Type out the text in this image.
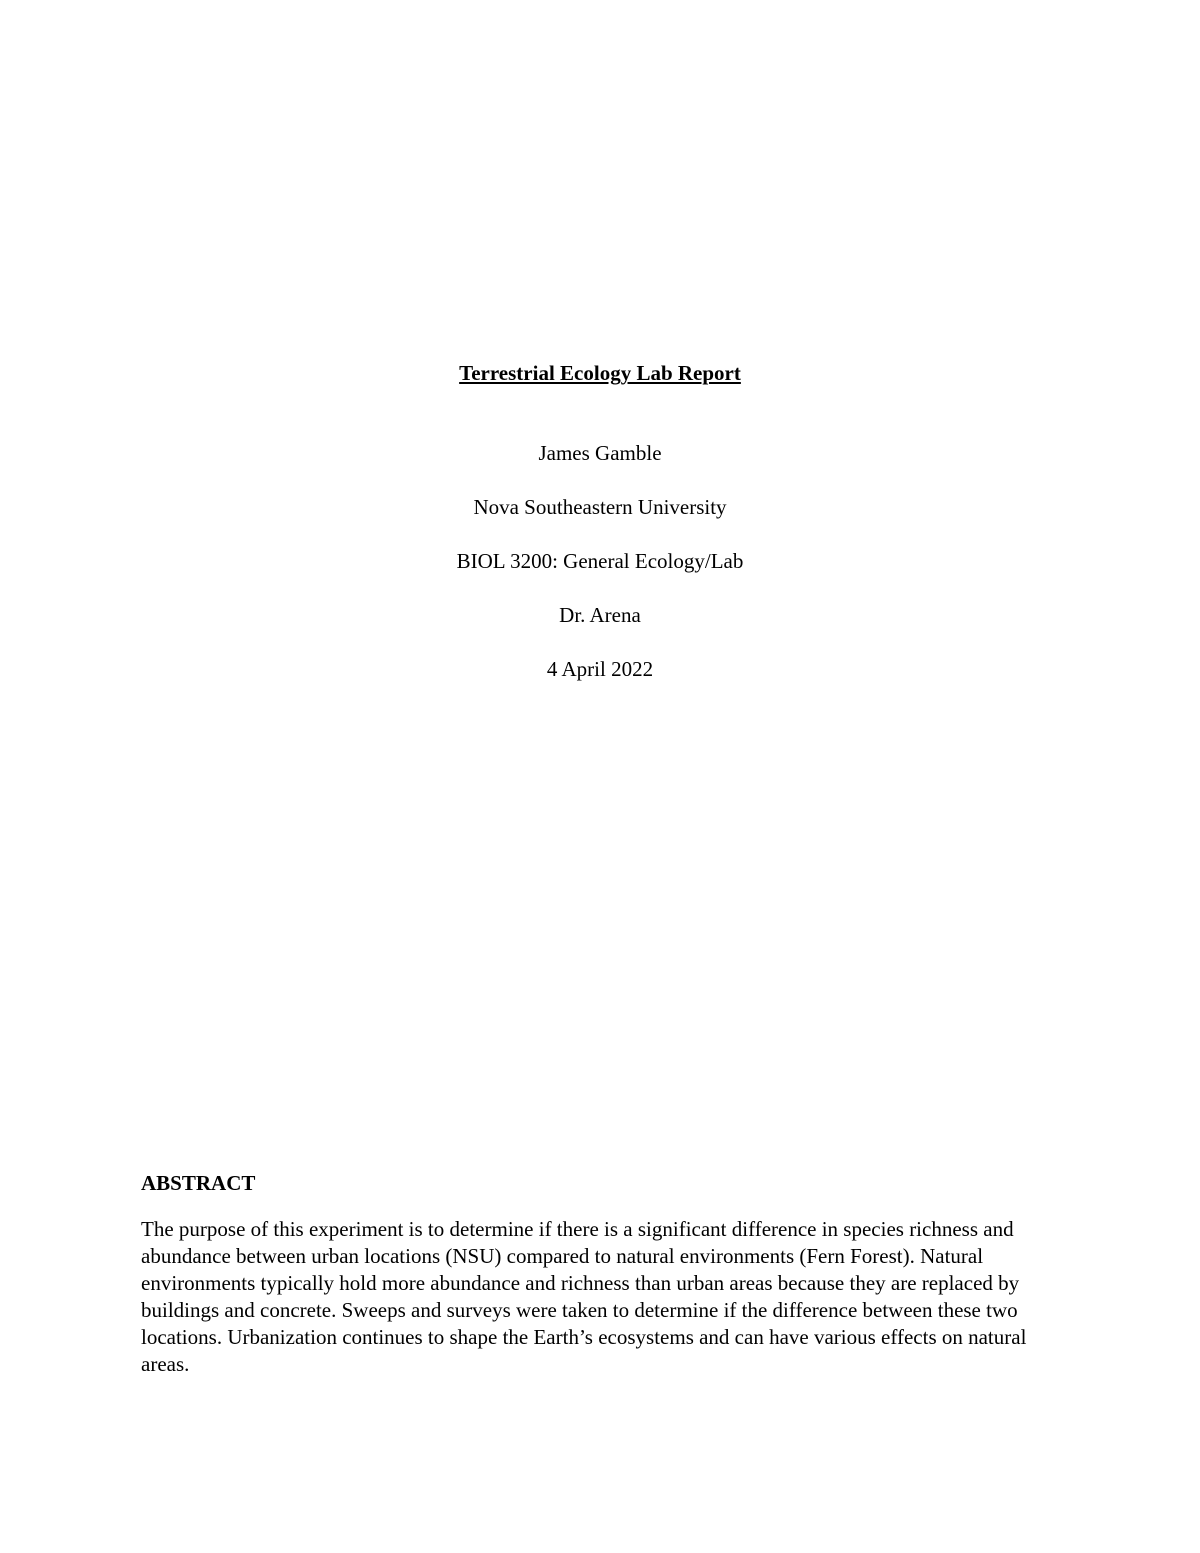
Terrestrial Ecology Lab Report

James Gamble

Nova Southeastern University

BIOL 3200: General Ecology/Lab

Dr. Arena

4 April 2022

ABSTRACT

The purpose of this experiment is to determine if there is a significant difference in species richness and abundance between urban locations (NSU) compared to natural environments (Fern Forest). Natural environments typically hold more abundance and richness than urban areas because they are replaced by buildings and concrete. Sweeps and surveys were taken to determine if the difference between these two locations. Urbanization continues to shape the Earth’s ecosystems and can have various effects on natural areas.
